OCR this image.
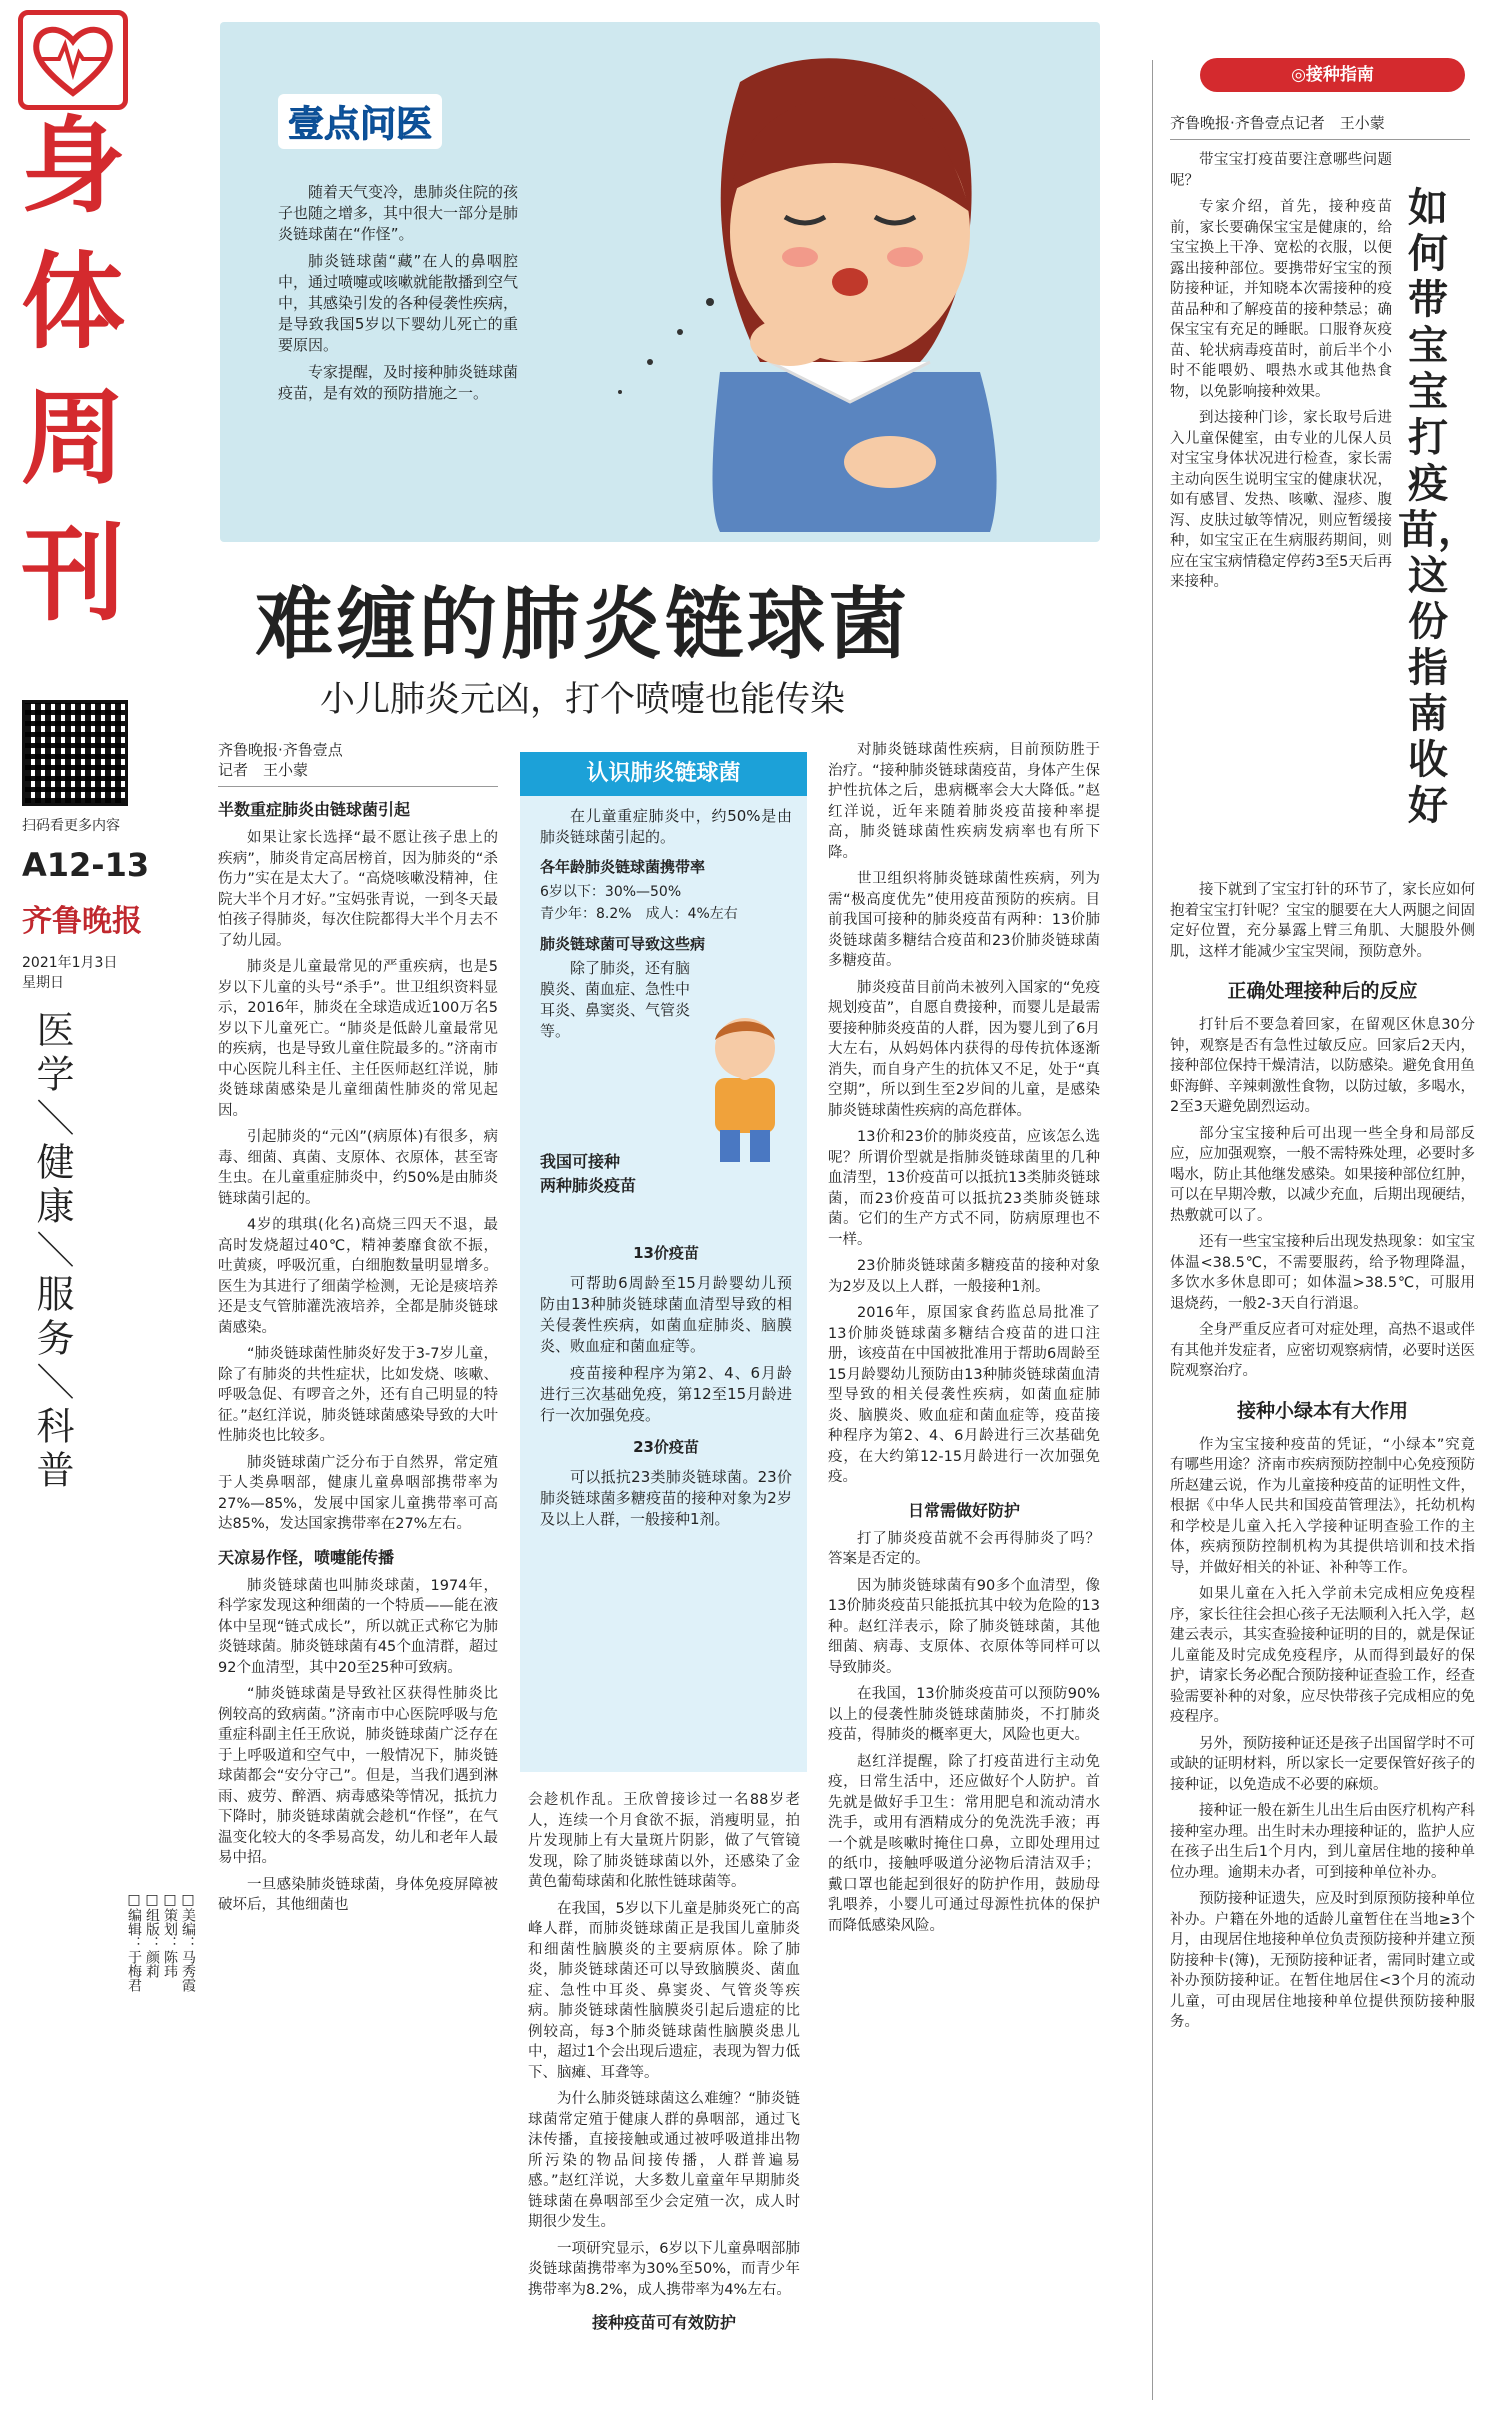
身
体
周
刊
扫码看更多内容
A12-13
齐鲁晚报
2021年1月3日
星期日
医学＼健康＼服务＼科普
壹点问医

随着天气变冷，患肺炎住院的孩子也随之增多，其中很大一部分是肺炎链球菌在“作怪”。

肺炎链球菌“藏”在人的鼻咽腔中，通过喷嚏或咳嗽就能散播到空气中，其感染引发的各种侵袭性疾病，是导致我国5岁以下婴幼儿死亡的重要原因。

专家提醒，及时接种肺炎链球菌疫苗，是有效的预防措施之一。

难缠的肺炎链球菌
小儿肺炎元凶，打个喷嚏也能传染
齐鲁晚报·齐鲁壹点
记者　王小蒙
半数重症肺炎由链球菌引起

如果让家长选择“最不愿让孩子患上的疾病”，肺炎肯定高居榜首，因为肺炎的“杀伤力”实在是太大了。“高烧咳嗽没精神，住院大半个月才好。”宝妈张青说，一到冬天最怕孩子得肺炎，每次住院都得大半个月去不了幼儿园。

肺炎是儿童最常见的严重疾病，也是5岁以下儿童的头号“杀手”。世卫组织资料显示，2016年，肺炎在全球造成近100万名5岁以下儿童死亡。“肺炎是低龄儿童最常见的疾病，也是导致儿童住院最多的。”济南市中心医院儿科主任、主任医师赵红洋说，肺炎链球菌感染是儿童细菌性肺炎的常见起因。

引起肺炎的“元凶”(病原体)有很多，病毒、细菌、真菌、支原体、衣原体，甚至寄生虫。在儿童重症肺炎中，约50%是由肺炎链球菌引起的。

4岁的琪琪(化名)高烧三四天不退，最高时发烧超过40℃，精神萎靡食欲不振，吐黄痰，呼吸沉重，白细胞数量明显增多。医生为其进行了细菌学检测，无论是痰培养还是支气管肺灌洗液培养，全都是肺炎链球菌感染。

“肺炎链球菌性肺炎好发于3-7岁儿童，除了有肺炎的共性症状，比如发烧、咳嗽、呼吸急促、有啰音之外，还有自己明显的特征。”赵红洋说，肺炎链球菌感染导致的大叶性肺炎也比较多。

肺炎链球菌广泛分布于自然界，常定殖于人类鼻咽部，健康儿童鼻咽部携带率为27%—85%，发展中国家儿童携带率可高达85%，发达国家携带率在27%左右。

天凉易作怪，喷嚏能传播

肺炎链球菌也叫肺炎球菌，1974年，科学家发现这种细菌的一个特质——能在液体中呈现“链式成长”，所以就正式称它为肺炎链球菌。肺炎链球菌有45个血清群，超过92个血清型，其中20至25种可致病。

“肺炎链球菌是导致社区获得性肺炎比例较高的致病菌。”济南市中心医院呼吸与危重症科副主任王欣说，肺炎链球菌广泛存在于上呼吸道和空气中，一般情况下，肺炎链球菌都会“安分守己”。但是，当我们遇到淋雨、疲劳、醉酒、病毒感染等情况，抵抗力下降时，肺炎链球菌就会趁机“作怪”，在气温变化较大的冬季易高发，幼儿和老年人最易中招。

一旦感染肺炎链球菌，身体免疫屏障被破坏后，其他细菌也

认识肺炎链球菌

在儿童重症肺炎中，约50%是由肺炎链球菌引起的。

各年龄肺炎链球菌携带率
6岁以下：30%—50%
青少年：8.2%　成人：4%左右
肺炎链球菌可导致这些病

除了肺炎，还有脑膜炎、菌血症、急性中耳炎、鼻窦炎、气管炎等。

我国可接种
两种肺炎疫苗
13价疫苗

可帮助6周龄至15月龄婴幼儿预防由13种肺炎链球菌血清型导致的相关侵袭性疾病，如菌血症肺炎、脑膜炎、败血症和菌血症等。

疫苗接种程序为第2、4、6月龄进行三次基础免疫，第12至15月龄进行一次加强免疫。

23价疫苗

可以抵抗23类肺炎链球菌。23价肺炎链球菌多糖疫苗的接种对象为2岁及以上人群，一般接种1剂。

会趁机作乱。王欣曾接诊过一名88岁老人，连续一个月食欲不振，消瘦明显，拍片发现肺上有大量斑片阴影，做了气管镜发现，除了肺炎链球菌以外，还感染了金黄色葡萄球菌和化脓性链球菌等。

在我国，5岁以下儿童是肺炎死亡的高峰人群，而肺炎链球菌正是我国儿童肺炎和细菌性脑膜炎的主要病原体。除了肺炎，肺炎链球菌还可以导致脑膜炎、菌血症、急性中耳炎、鼻窦炎、气管炎等疾病。肺炎链球菌性脑膜炎引起后遗症的比例较高，每3个肺炎链球菌性脑膜炎患儿中，超过1个会出现后遗症，表现为智力低下、脑瘫、耳聋等。

为什么肺炎链球菌这么难缠？“肺炎链球菌常定殖于健康人群的鼻咽部，通过飞沫传播，直接接触或通过被呼吸道排出物所污染的物品间接传播，人群普遍易感。”赵红洋说，大多数儿童童年早期肺炎链球菌在鼻咽部至少会定殖一次，成人时期很少发生。

一项研究显示，6岁以下儿童鼻咽部肺炎链球菌携带率为30%至50%，而青少年携带率为8.2%，成人携带率为4%左右。

接种疫苗可有效防护

对肺炎链球菌性疾病，目前预防胜于治疗。“接种肺炎链球菌疫苗，身体产生保护性抗体之后，患病概率会大大降低。”赵红洋说，近年来随着肺炎疫苗接种率提高，肺炎链球菌性疾病发病率也有所下降。

世卫组织将肺炎链球菌性疾病，列为需“极高度优先”使用疫苗预防的疾病。目前我国可接种的肺炎疫苗有两种：13价肺炎链球菌多糖结合疫苗和23价肺炎链球菌多糖疫苗。

肺炎疫苗目前尚未被列入国家的“免疫规划疫苗”，自愿自费接种，而婴儿是最需要接种肺炎疫苗的人群，因为婴儿到了6月大左右，从妈妈体内获得的母传抗体逐渐消失，而自身产生的抗体又不足，处于“真空期”，所以到生至2岁间的儿童，是感染肺炎链球菌性疾病的高危群体。

13价和23价的肺炎疫苗，应该怎么选呢？所谓价型就是指肺炎链球菌里的几种血清型，13价疫苗可以抵抗13类肺炎链球菌，而23价疫苗可以抵抗23类肺炎链球菌。它们的生产方式不同，防病原理也不一样。

23价肺炎链球菌多糖疫苗的接种对象为2岁及以上人群，一般接种1剂。

2016年，原国家食药监总局批准了13价肺炎链球菌多糖结合疫苗的进口注册，该疫苗在中国被批准用于帮助6周龄至15月龄婴幼儿预防由13种肺炎链球菌血清型导致的相关侵袭性疾病，如菌血症肺炎、脑膜炎、败血症和菌血症等，疫苗接种程序为第2、4、6月龄进行三次基础免疫，在大约第12-15月龄进行一次加强免疫。

日常需做好防护

打了肺炎疫苗就不会再得肺炎了吗？答案是否定的。

因为肺炎链球菌有90多个血清型，像13价肺炎疫苗只能抵抗其中较为危险的13种。赵红洋表示，除了肺炎链球菌，其他细菌、病毒、支原体、衣原体等同样可以导致肺炎。

在我国，13价肺炎疫苗可以预防90%以上的侵袭性肺炎链球菌肺炎，不打肺炎疫苗，得肺炎的概率更大，风险也更大。

赵红洋提醒，除了打疫苗进行主动免疫，日常生活中，还应做好个人防护。首先就是做好手卫生：常用肥皂和流动清水洗手，或用有酒精成分的免洗洗手液；再一个就是咳嗽时掩住口鼻，立即处理用过的纸巾，接触呼吸道分泌物后清洁双手；戴口罩也能起到很好的防护作用，鼓励母乳喂养，小婴儿可通过母源性抗体的保护而降低感染风险。

□美编：马秀霞
□策划：陈玮
□组版：颜莉
□编辑：于梅君
◎接种指南
齐鲁晚报·齐鲁壹点记者　王小蒙
如何带宝宝打疫苗，这份指南收好

带宝宝打疫苗要注意哪些问题呢？

专家介绍，首先，接种疫苗前，家长要确保宝宝是健康的，给宝宝换上干净、宽松的衣服，以便露出接种部位。要携带好宝宝的预防接种证，并知晓本次需接种的疫苗品种和了解疫苗的接种禁忌；确保宝宝有充足的睡眠。口服脊灰疫苗、轮状病毒疫苗时，前后半个小时不能喂奶、喂热水或其他热食物，以免影响接种效果。

到达接种门诊，家长取号后进入儿童保健室，由专业的儿保人员对宝宝身体状况进行检查，家长需主动向医生说明宝宝的健康状况，如有感冒、发热、咳嗽、湿疹、腹泻、皮肤过敏等情况，则应暂缓接种，如宝宝正在生病服药期间，则应在宝宝病情稳定停药3至5天后再来接种。

接下就到了宝宝打针的环节了，家长应如何抱着宝宝打针呢？宝宝的腿要在大人两腿之间固定好位置，充分暴露上臂三角肌、大腿股外侧肌，这样才能减少宝宝哭闹，预防意外。

正确处理接种后的反应

打针后不要急着回家，在留观区休息30分钟，观察是否有急性过敏反应。回家后2天内，接种部位保持干燥清洁，以防感染。避免食用鱼虾海鲜、辛辣刺激性食物，以防过敏，多喝水，2至3天避免剧烈运动。

部分宝宝接种后可出现一些全身和局部反应，应加强观察，一般不需特殊处理，必要时多喝水，防止其他继发感染。如果接种部位红肿，可以在早期冷敷，以减少充血，后期出现硬结，热敷就可以了。

还有一些宝宝接种后出现发热现象：如宝宝体温<38.5℃，不需要服药，给予物理降温，多饮水多休息即可；如体温>38.5℃，可服用退烧药，一般2-3天自行消退。

全身严重反应者可对症处理，高热不退或伴有其他并发症者，应密切观察病情，必要时送医院观察治疗。

接种小绿本有大作用

作为宝宝接种疫苗的凭证，“小绿本”究竟有哪些用途？济南市疾病预防控制中心免疫预防所赵建云说，作为儿童接种疫苗的证明性文件，根据《中华人民共和国疫苗管理法》，托幼机构和学校是儿童入托入学接种证明查验工作的主体，疾病预防控制机构为其提供培训和技术指导，并做好相关的补证、补种等工作。

如果儿童在入托入学前未完成相应免疫程序，家长往往会担心孩子无法顺利入托入学，赵建云表示，其实查验接种证明的目的，就是保证儿童能及时完成免疫程序，从而得到最好的保护，请家长务必配合预防接种证查验工作，经查验需要补种的对象，应尽快带孩子完成相应的免疫程序。

另外，预防接种证还是孩子出国留学时不可或缺的证明材料，所以家长一定要保管好孩子的接种证，以免造成不必要的麻烦。

接种证一般在新生儿出生后由医疗机构产科接种室办理。出生时未办理接种证的，监护人应在孩子出生后1个月内，到儿童居住地的接种单位办理。逾期未办者，可到接种单位补办。

预防接种证遗失，应及时到原预防接种单位补办。户籍在外地的适龄儿童暂住在当地≥3个月，由现居住地接种单位负责预防接种并建立预防接种卡(簿)，无预防接种证者，需同时建立或补办预防接种证。在暂住地居住<3个月的流动儿童，可由现居住地接种单位提供预防接种服务。
